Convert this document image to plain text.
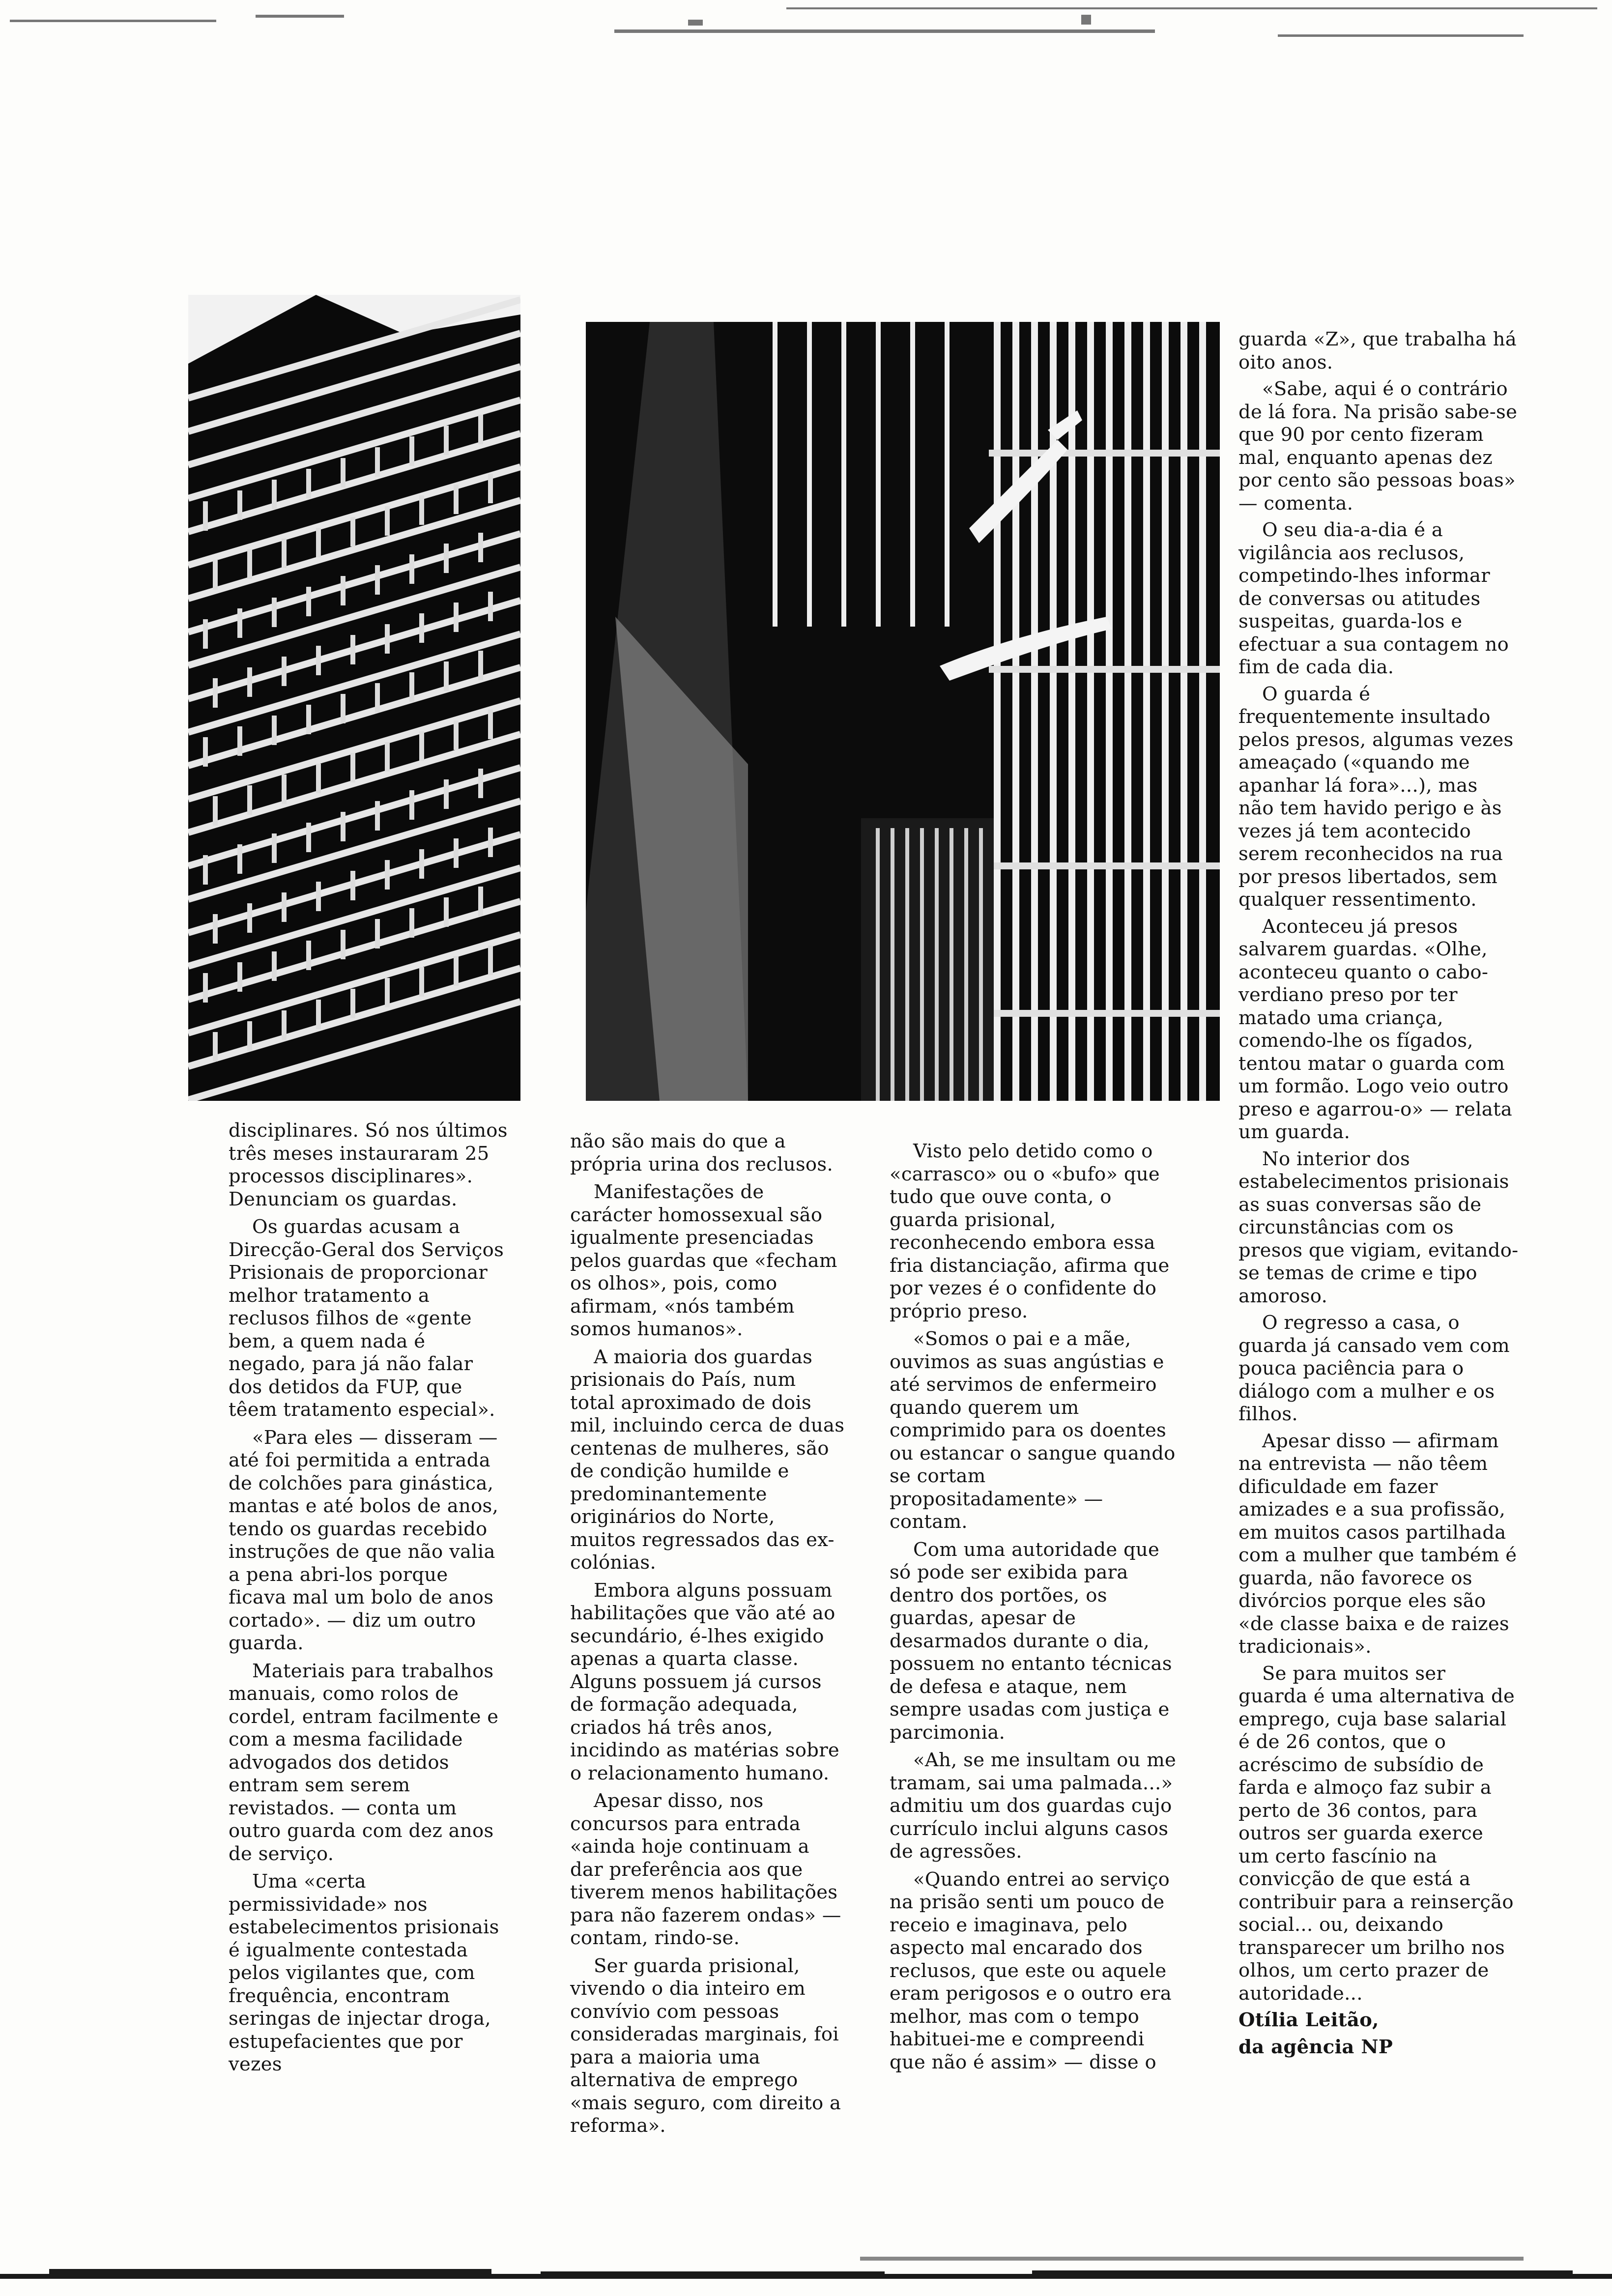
disciplinares. Só nos últimos três meses instauraram 25 processos disciplinares». Denunciam os guardas.

Os guardas acusam a Direcção-Geral dos Serviços Prisionais de proporcionar melhor tratamento a reclusos filhos de «gente bem, a quem nada é negado, para já não falar dos detidos da FUP, que têem tratamento especial».

«Para eles — disseram — até foi permitida a entrada de colchões para ginástica, mantas e até bolos de anos, tendo os guardas recebido instruções de que não valia a pena abri-los porque ficava mal um bolo de anos cortado». — diz um outro guarda.

Materiais para trabalhos manuais, como rolos de cordel, entram facilmente e com a mesma facilidade advogados dos detidos entram sem serem revistados. — conta um outro guarda com dez anos de serviço.

Uma «certa permissividade» nos estabelecimentos prisionais é igualmente contestada pelos vigilantes que, com frequência, encontram seringas de injectar droga, estupefacientes que por vezes

não são mais do que a própria urina dos reclusos.

Manifestações de carácter homossexual são igualmente presenciadas pelos guardas que «fecham os olhos», pois, como afirmam, «nós também somos humanos».

A maioria dos guardas prisionais do País, num total aproximado de dois mil, incluindo cerca de duas centenas de mulheres, são de condição humilde e predominantemente originários do Norte, muitos regressados das ex-colónias.

Embora alguns possuam habilitações que vão até ao secundário, é-lhes exigido apenas a quarta classe. Alguns possuem já cursos de formação adequada, criados há três anos, incidindo as matérias sobre o relacionamento humano.

Apesar disso, nos concursos para entrada «ainda hoje continuam a dar preferência aos que tiverem menos habilitações para não fazerem ondas» — contam, rindo-se.

Ser guarda prisional, vivendo o dia inteiro em convívio com pessoas consideradas marginais, foi para a maioria uma alternativa de emprego «mais seguro, com direito a reforma».

Visto pelo detido como o «carrasco» ou o «bufo» que tudo que ouve conta, o guarda prisional, reconhecendo embora essa fria distanciação, afirma que por vezes é o confidente do próprio preso.

«Somos o pai e a mãe, ouvimos as suas angústias e até servimos de enfermeiro quando querem um comprimido para os doentes ou estancar o sangue quando se cortam propositadamente» — contam.

Com uma autoridade que só pode ser exibida para dentro dos portões, os guardas, apesar de desarmados durante o dia, possuem no entanto técnicas de defesa e ataque, nem sempre usadas com justiça e parcimonia.

«Ah, se me insultam ou me tramam, sai uma palmada...» admitiu um dos guardas cujo currículo inclui alguns casos de agressões.

«Quando entrei ao serviço na prisão senti um pouco de receio e imaginava, pelo aspecto mal encarado dos reclusos, que este ou aquele eram perigosos e o outro era melhor, mas com o tempo habituei-me e compreendi que não é assim» — disse o

guarda «Z», que trabalha há oito anos.

«Sabe, aqui é o contrário de lá fora. Na prisão sabe-se que 90 por cento fizeram mal, enquanto apenas dez por cento são pessoas boas» — comenta.

O seu dia-a-dia é a vigilância aos reclusos, competindo-lhes informar de conversas ou atitudes suspeitas, guarda-los e efectuar a sua contagem no fim de cada dia.

O guarda é frequentemente insultado pelos presos, algumas vezes ameaçado («quando me apanhar lá fora»...), mas não tem havido perigo e às vezes já tem acontecido serem reconhecidos na rua por presos libertados, sem qualquer ressentimento.

Aconteceu já presos salvarem guardas. «Olhe, aconteceu quanto o cabo-verdiano preso por ter matado uma criança, comendo-lhe os fígados, tentou matar o guarda com um formão. Logo veio outro preso e agarrou-o» — relata um guarda.

No interior dos estabelecimentos prisionais as suas conversas são de circunstâncias com os presos que vigiam, evitando-se temas de crime e tipo amoroso.

O regresso a casa, o guarda já cansado vem com pouca paciência para o diálogo com a mulher e os filhos.

Apesar disso — afirmam na entrevista — não têem dificuldade em fazer amizades e a sua profissão, em muitos casos partilhada com a mulher que também é guarda, não favorece os divórcios porque eles são «de classe baixa e de raizes tradicionais».

Se para muitos ser guarda é uma alternativa de emprego, cuja base salarial é de 26 contos, que o acréscimo de subsídio de farda e almoço faz subir a perto de 36 contos, para outros ser guarda exerce um certo fascínio na convicção de que está a contribuir para a reinserção social... ou, deixando transparecer um brilho nos olhos, um certo prazer de autoridade...

Otília Leitão,

da agência NP
